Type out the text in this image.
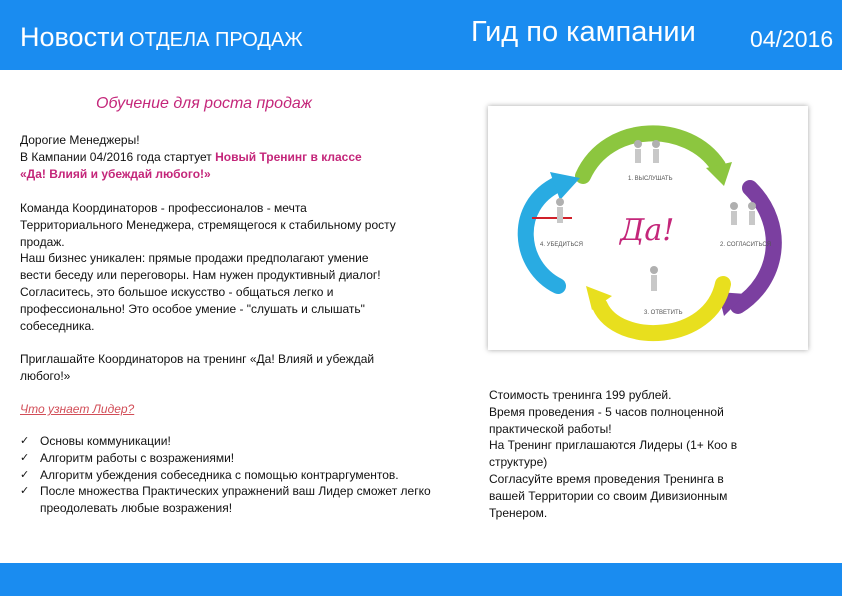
Новости ОТДЕЛА ПРОДАЖ	Гид по кампании 04/2016
Обучение для роста продаж
Дорогие Менеджеры!
В Кампании 04/2016 года стартует Новый Тренинг в классе
«Да! Влияй и убеждай любого!»
Команда Координаторов - профессионалов - мечта
Территориального Менеджера, стремящегося к стабильному росту
продаж.
Наш бизнес уникален: прямые продажи предполагают умение
вести беседу или переговоры. Нам нужен продуктивный диалог!
Согласитесь, это большое искусство - общаться легко и
профессионально! Это особое умение - "слушать и слышать"
собеседника.
Приглашайте Координаторов на тренинг «Да! Влияй и убеждай
любого!»
Что узнает Лидер?
✓ Основы коммуникации!
✓ Алгоритм работы с возражениями!
✓ Алгоритм убеждения собеседника с помощью контраргументов.
✓ После множества Практических упражнений ваш Лидер сможет легко преодолевать любые возражения!
1. ВЫСЛУШАТЬ
2. СОГЛАСИТЬСЯ
3. ОТВЕТИТЬ
4. УБЕДИТЬСЯ Да!
Стоимость тренинга 199 рублей.
Время проведения - 5 часов полноценной
практической работы!
На Тренинг приглашаются Лидеры (1+ Коо в
структуре)
Согласуйте время проведения Тренинга в
вашей Территории со своим Дивизионным
Тренером.
